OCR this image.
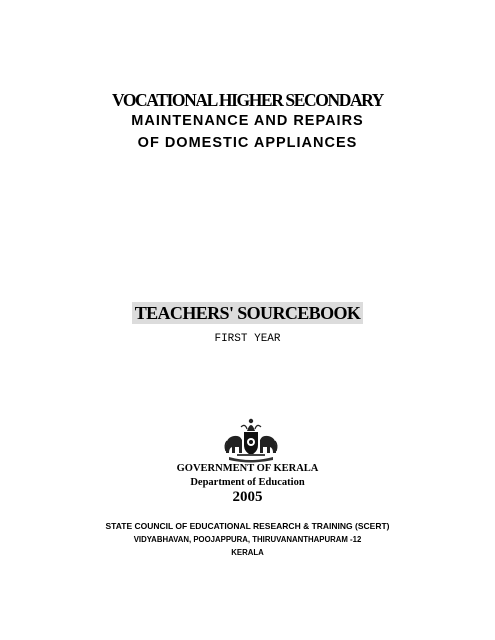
VOCATIONAL HIGHER SECONDARY
MAINTENANCE AND REPAIRS
OF DOMESTIC APPLIANCES
TEACHERS' SOURCEBOOK
FIRST YEAR
GOVERNMENT OF KERALA
Department of Education
2005
STATE COUNCIL OF EDUCATIONAL RESEARCH & TRAINING (SCERT)
VIDYABHAVAN, POOJAPPURA, THIRUVANANTHAPURAM -12
KERALA
